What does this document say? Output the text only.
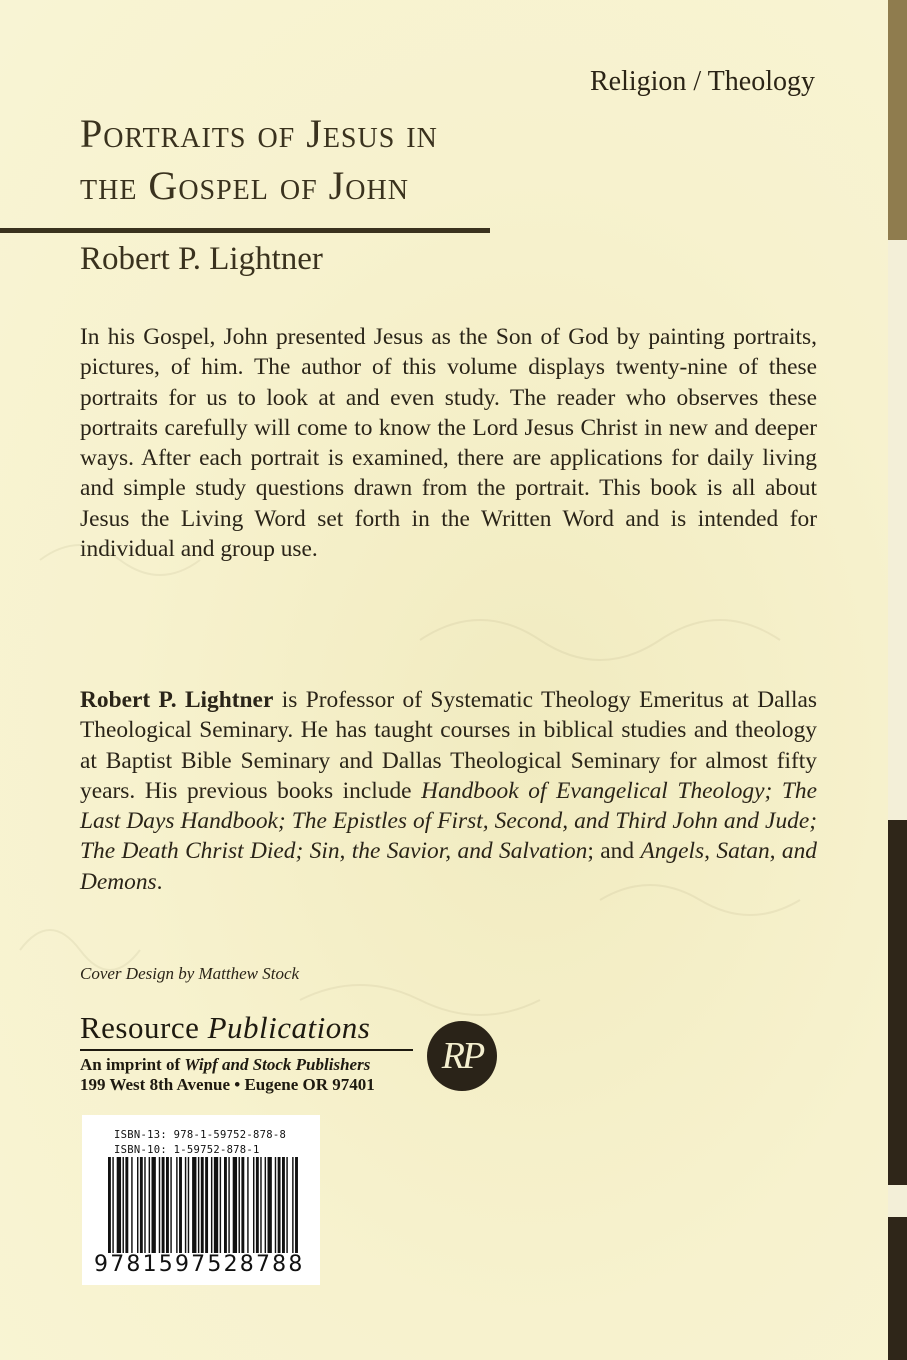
Religion / Theology
Portraits of Jesus in
the Gospel of John
Robert P. Lightner
In his Gospel, John presented Jesus as the Son of God by painting portraits, pictures, of him. The author of this volume displays twenty-nine of these portraits for us to look at and even study. The reader who observes these portraits carefully will come to know the Lord Jesus Christ in new and deeper ways. After each portrait is examined, there are applications for daily living and simple study questions drawn from the portrait. This book is all about Jesus the Living Word set forth in the Written Word and is intended for individual and group use.
Robert P. Lightner is Professor of Systematic Theology Emeritus at Dallas Theological Seminary. He has taught courses in biblical studies and theology at Baptist Bible Seminary and Dallas Theological Seminary for almost fifty years. His previous books include Handbook of Evangelical Theology; The Last Days Handbook; The Epistles of First, Second, and Third John and Jude; The Death Christ Died; Sin, the Savior, and Salvation; and Angels, Satan, and Demons.
Cover Design by Matthew Stock
Resource Publications
An imprint of Wipf and Stock Publishers
199 West 8th Avenue • Eugene OR 97401
RP
ISBN-13: 978-1-59752-878-8
ISBN-10: 1-59752-878-1
9781597528788
